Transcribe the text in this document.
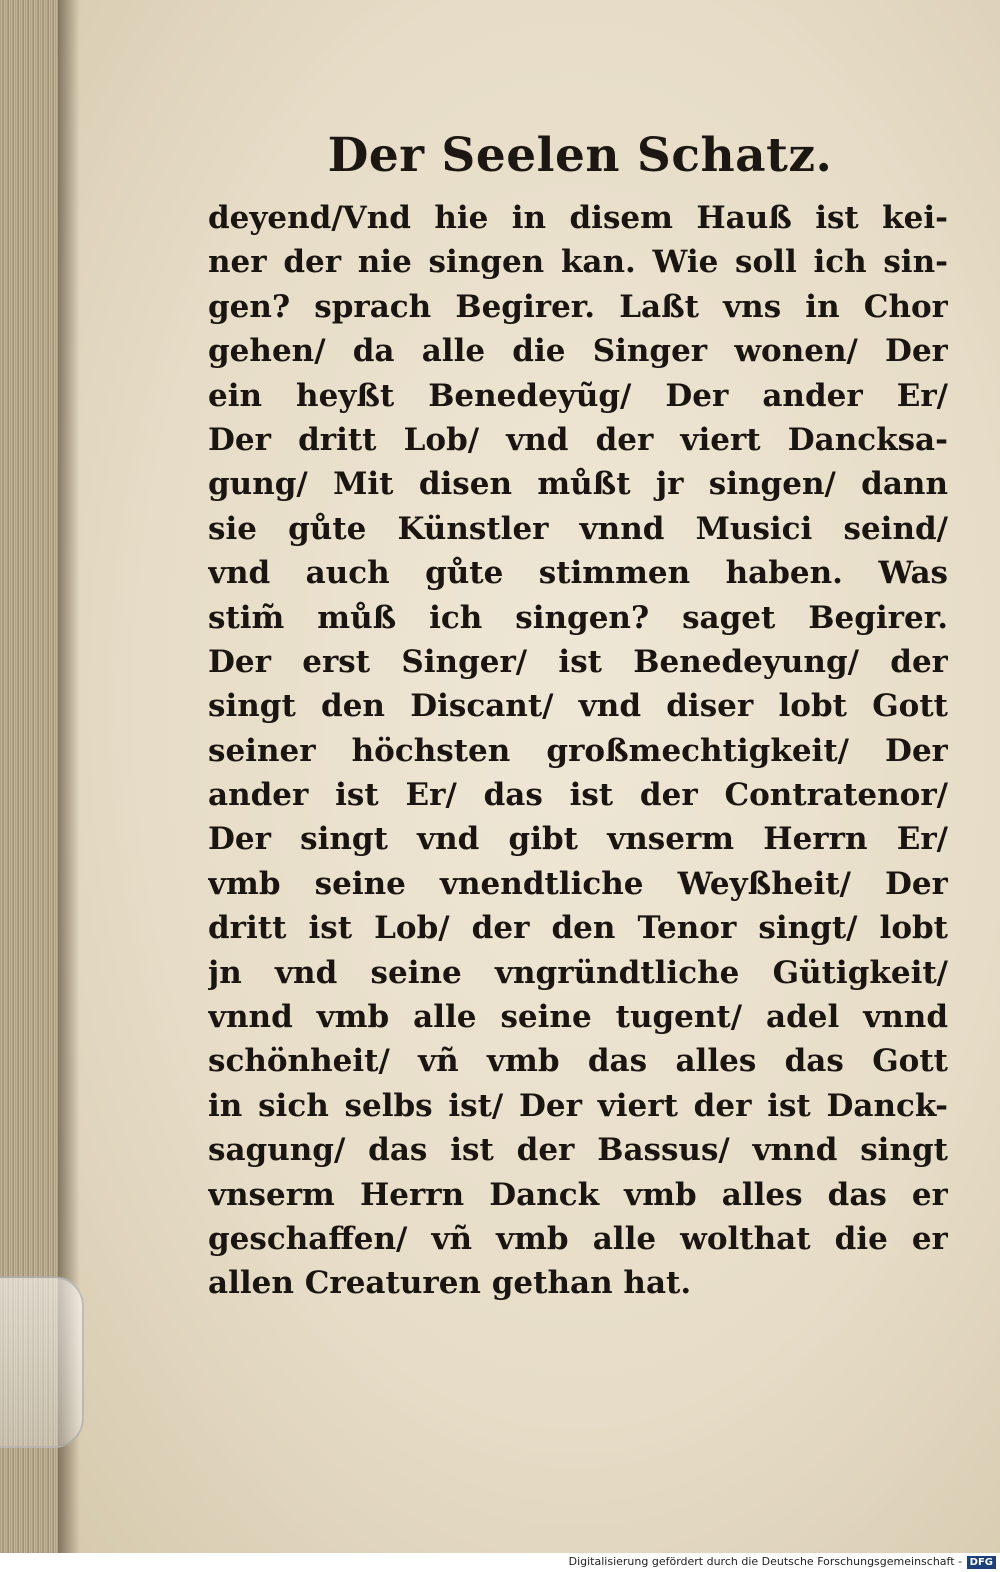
Der Seelen Schatz.
deyend/Vnd hie in disem Hauß ist kei-
ner der nie singen kan. Wie soll ich sin-
gen? sprach Begirer. Laßt vns in Chor
gehen/ da alle die Singer wonen/ Der
ein heyßt Benedeyũg/ Der ander Er/
Der dritt Lob/ vnd der viert Dancksa-
gung/ Mit disen můßt jr singen/ dann
sie gůte Künstler vnnd Musici seind/
vnd auch gůte stimmen haben. Was
stim̃ můß ich singen? saget Begirer.
Der erst Singer/ ist Benedeyung/ der
singt den Discant/ vnd diser lobt Gott
seiner höchsten großmechtigkeit/ Der
ander ist Er/ das ist der Contratenor/
Der singt vnd gibt vnserm Herrn Er/
vmb seine vnendtliche Weyßheit/ Der
dritt ist Lob/ der den Tenor singt/ lobt
jn vnd seine vngründtliche Gütigkeit/
vnnd vmb alle seine tugent/ adel vnnd
schönheit/ vñ vmb das alles das Gott
in sich selbs ist/ Der viert der ist Danck-
sagung/ das ist der Bassus/ vnnd singt
vnserm Herrn Danck vmb alles das er
geschaffen/ vñ vmb alle wolthat die er
allen Creaturen gethan hat.
Digitalisierung gefördert durch die Deutsche Forschungsgemeinschaft - DFG
